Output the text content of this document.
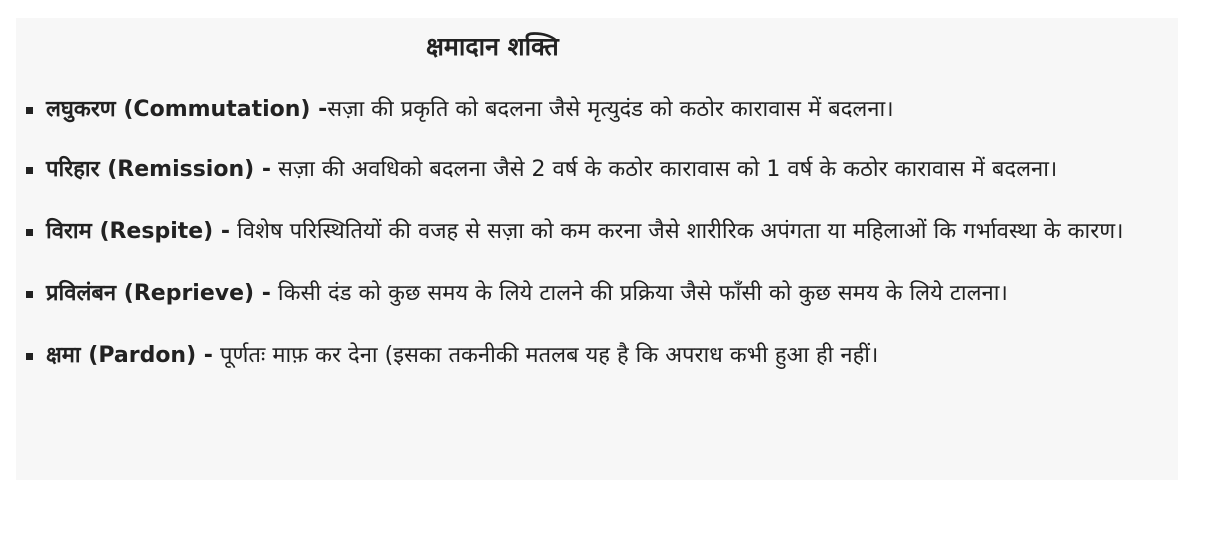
क्षमादान शक्ति
लघुकरण (Commutation) -सज़ा की प्रकृति को बदलना जैसे मृत्युदंड को कठोर कारावास में बदलना।
परिहार (Remission) - सज़ा की अवधिको बदलना जैसे 2 वर्ष के कठोर कारावास को 1 वर्ष के कठोर कारावास में बदलना।
विराम (Respite) - विशेष परिस्थितियों की वजह से सज़ा को कम करना जैसे शारीरिक अपंगता या महिलाओं कि गर्भावस्था के कारण।
प्रविलंबन (Reprieve) - किसी दंड को कुछ समय के लिये टालने की प्रक्रिया जैसे फाँसी को कुछ समय के लिये टालना।
क्षमा (Pardon) - पूर्णतः माफ़ कर देना (इसका तकनीकी मतलब यह है कि अपराध कभी हुआ ही नहीं।
